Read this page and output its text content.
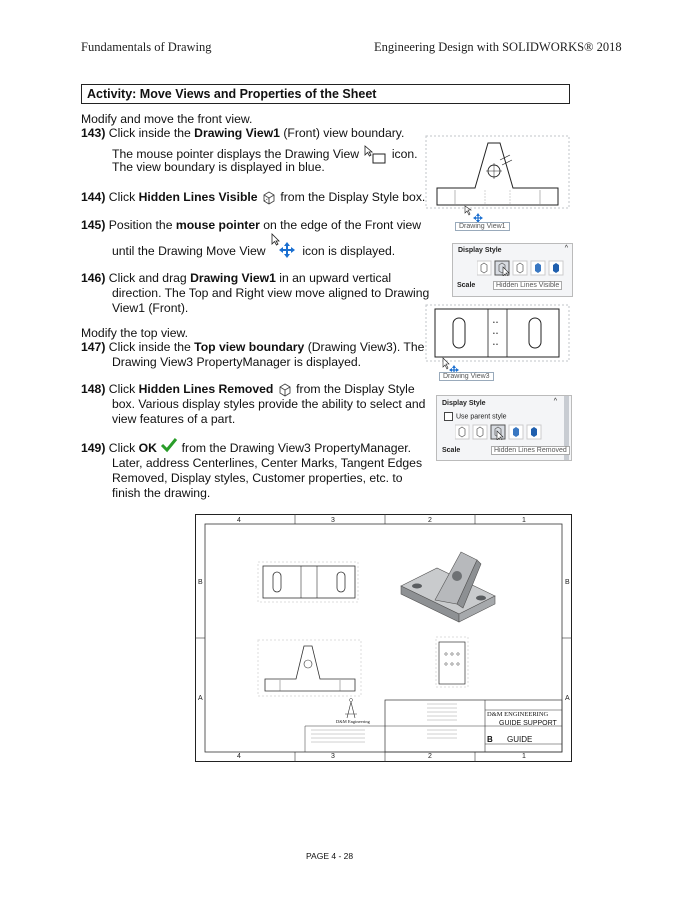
Fundamentals of Drawing	Engineering Design with SOLIDWORKS® 2018
Activity: Move Views and Properties of the Sheet
Modify and move the front view.
143) Click inside the Drawing View1 (Front) view boundary.
The mouse pointer displays the Drawing View	icon.
The view boundary is displayed in blue.
144) Click Hidden Lines Visible from the Display Style box.
145) Position the mouse pointer on the edge of the Front view
until the Drawing Move View	icon is displayed.
146) Click and drag Drawing View1 in an upward vertical
direction. The Top and Right view move aligned to Drawing
View1 (Front).
Modify the top view.
147) Click inside the Top view boundary (Drawing View3). The
Drawing View3 PropertyManager is displayed.
148) Click Hidden Lines Removed from the Display Style
box. Various display styles provide the ability to select and
view features of a part.
149) Click OK from the Drawing View3 PropertyManager.
Later, address Centerlines, Center Marks, Tangent Edges
Removed, Display styles, Customer properties, etc. to
finish the drawing.
Drawing View1
Display Style	^
Scale	Hidden Lines Visible
• •
• •
• •
Drawing View3
Display Style	^
Use parent style
Scale	Hidden Lines Removed
4	3	2	1
4	3	2	1
B	B
A	A
D&M ENGINEERING
GUIDE SUPPORT
B GUIDE
D&M Engineering
PAGE 4 - 28
